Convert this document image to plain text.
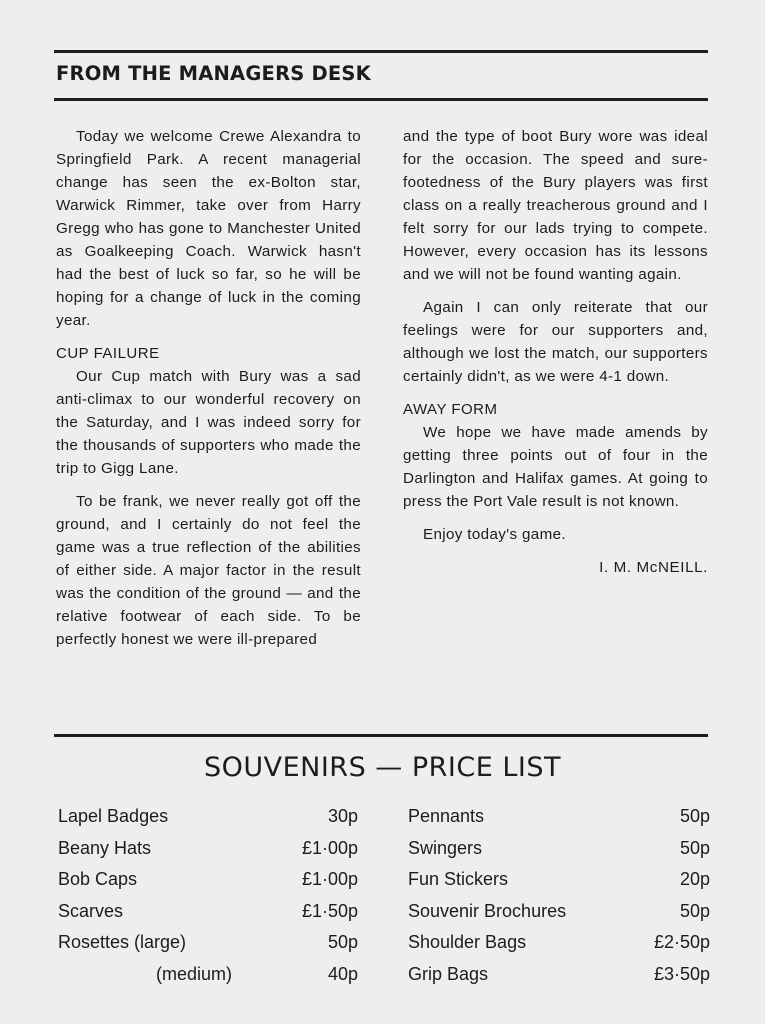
FROM THE MANAGERS DESK

Today we welcome Crewe Alexandra to Springfield Park. A recent managerial change has seen the ex-Bolton star, Warwick Rimmer, take over from Harry Gregg who has gone to Manchester United as Goalkeeping Coach. Warwick hasn't had the best of luck so far, so he will be hoping for a change of luck in the coming year.

CUP FAILURE

Our Cup match with Bury was a sad anti-climax to our wonderful recovery on the Saturday, and I was indeed sorry for the thousands of supporters who made the trip to Gigg Lane.

To be frank, we never really got off the ground, and I certainly do not feel the game was a true reflection of the abilities of either side. A major factor in the result was the condition of the ground — and the relative footwear of each side. To be perfectly honest we were ill-prepared

and the type of boot Bury wore was ideal for the occasion. The speed and sure-footedness of the Bury players was first class on a really treacherous ground and I felt sorry for our lads trying to compete. However, every occasion has its lessons and we will not be found wanting again.

Again I can only reiterate that our feelings were for our supporters and, although we lost the match, our supporters certainly didn't, as we were 4-1 down.

AWAY FORM

We hope we have made amends by getting three points out of four in the Darlington and Halifax games. At going to press the Port Vale result is not known.

Enjoy today's game.

I. M. McNEILL.
SOUVENIRS — PRICE LIST
Lapel Badges	30p
Beany Hats	£1·00p
Bob Caps	£1·00p
Scarves	£1·50p
Rosettes (large)	50p
(medium)	40p
Pennants	50p
Swingers	50p
Fun Stickers	20p
Souvenir Brochures	50p
Shoulder Bags	£2·50p
Grip Bags	£3·50p
